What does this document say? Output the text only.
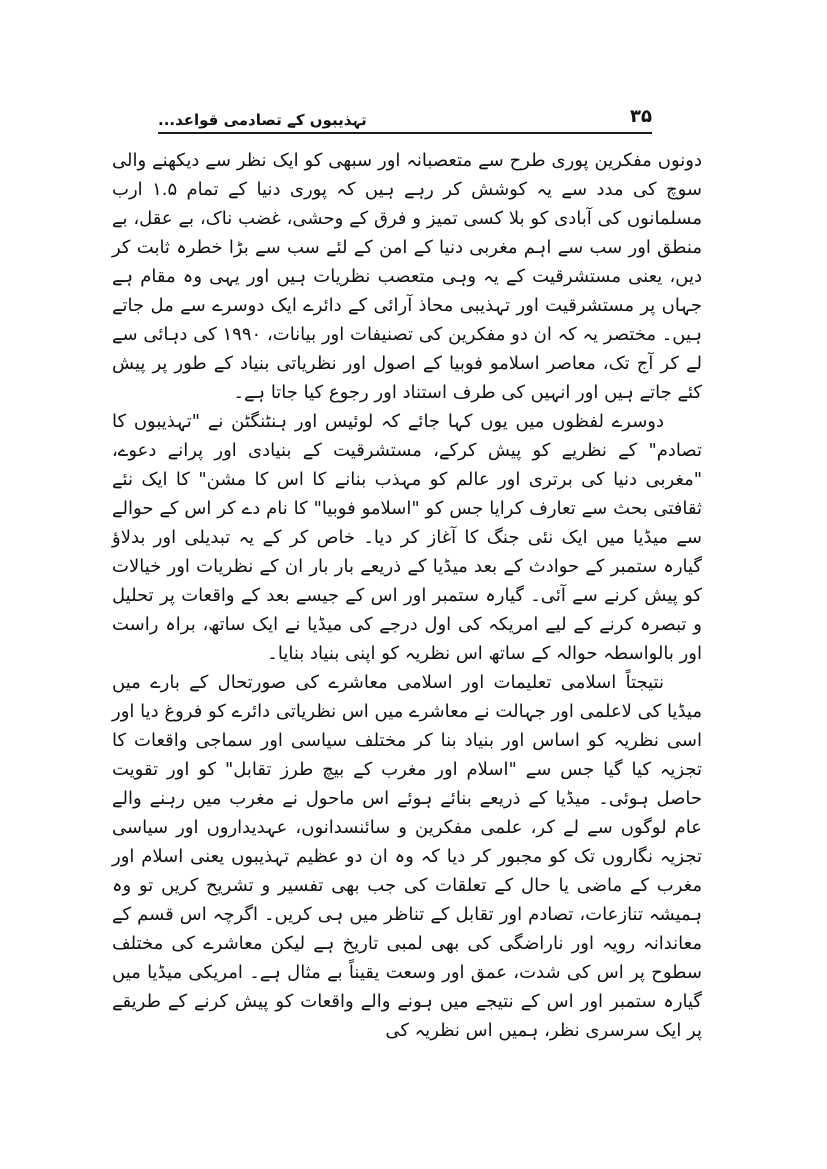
تہذیبوں کے تصادمی قواعد...	۳۵

دونوں مفکرین پوری طرح سے متعصبانہ اور سبھی کو ایک نظر سے دیکھنے والی سوچ کی مدد سے یہ کوشش کر رہے ہیں کہ پوری دنیا کے تمام ۱.۵ ارب مسلمانوں کی آبادی کو بلا کسی تمیز و فرق کے وحشی، غضب ناک، بے عقل، بے منطق اور سب سے اہم مغربی دنیا کے امن کے لئے سب سے بڑا خطرہ ثابت کر دیں، یعنی مستشرقیت کے یہ وہی متعصب نظریات ہیں اور یہی وہ مقام ہے جہاں پر مستشرقیت اور تہذیبی محاذ آرائی کے دائرے ایک دوسرے سے مل جاتے ہیں۔ مختصر یہ کہ ان دو مفکرین کی تصنیفات اور بیانات، ۱۹۹۰ کی دہائی سے لے کر آج تک، معاصر اسلامو فوبیا کے اصول اور نظریاتی بنیاد کے طور پر پیش کئے جاتے ہیں اور انہیں کی طرف استناد اور رجوع کیا جاتا ہے۔

دوسرے لفظوں میں یوں کہا جائے کہ لوئیس اور ہنٹنگٹن نے "تہذیبوں کا تصادم" کے نظریے کو پیش کرکے، مستشرقیت کے بنیادی اور پرانے دعوے، "مغربی دنیا کی برتری اور عالم کو مہذب بنانے کا اس کا مشن" کا ایک نئے ثقافتی بحث سے تعارف کرایا جس کو "اسلامو فوبیا" کا نام دے کر اس کے حوالے سے میڈیا میں ایک نئی جنگ کا آغاز کر دیا۔ خاص کر کے یہ تبدیلی اور بدلاؤ گیارہ ستمبر کے حوادث کے بعد میڈیا کے ذریعے بار بار ان کے نظریات اور خیالات کو پیش کرنے سے آئی۔ گیارہ ستمبر اور اس کے جیسے بعد کے واقعات پر تحلیل و تبصرہ کرنے کے لیے امریکہ کی اول درجے کی میڈیا نے ایک ساتھ، براہ راست اور بالواسطہ حوالہ کے ساتھ اس نظریہ کو اپنی بنیاد بنایا۔

نتیجتاً اسلامی تعلیمات اور اسلامی معاشرے کی صورتحال کے بارے میں میڈیا کی لاعلمی اور جہالت نے معاشرے میں اس نظریاتی دائرے کو فروغ دیا اور اسی نظریہ کو اساس اور بنیاد بنا کر مختلف سیاسی اور سماجی واقعات کا تجزیہ کیا گیا جس سے "اسلام اور مغرب کے بیچ طرز تقابل" کو اور تقویت حاصل ہوئی۔ میڈیا کے ذریعے بنائے ہوئے اس ماحول نے مغرب میں رہنے والے عام لوگوں سے لے کر، علمی مفکرین و سائنسدانوں، عہدیداروں اور سیاسی تجزیہ نگاروں تک کو مجبور کر دیا کہ وہ ان دو عظیم تہذیبوں یعنی اسلام اور مغرب کے ماضی یا حال کے تعلقات کی جب بھی تفسیر و تشریح کریں تو وہ ہمیشہ تنازعات، تصادم اور تقابل کے تناظر میں ہی کریں۔ اگرچہ اس قسم کے معاندانہ رویہ اور ناراضگی کی بھی لمبی تاریخ ہے لیکن معاشرے کی مختلف سطوح پر اس کی شدت، عمق اور وسعت یقیناً بے مثال ہے۔ امریکی میڈیا میں گیارہ ستمبر اور اس کے نتیجے میں ہونے والے واقعات کو پیش کرنے کے طریقے پر ایک سرسری نظر، ہمیں اس نظریہ کی
